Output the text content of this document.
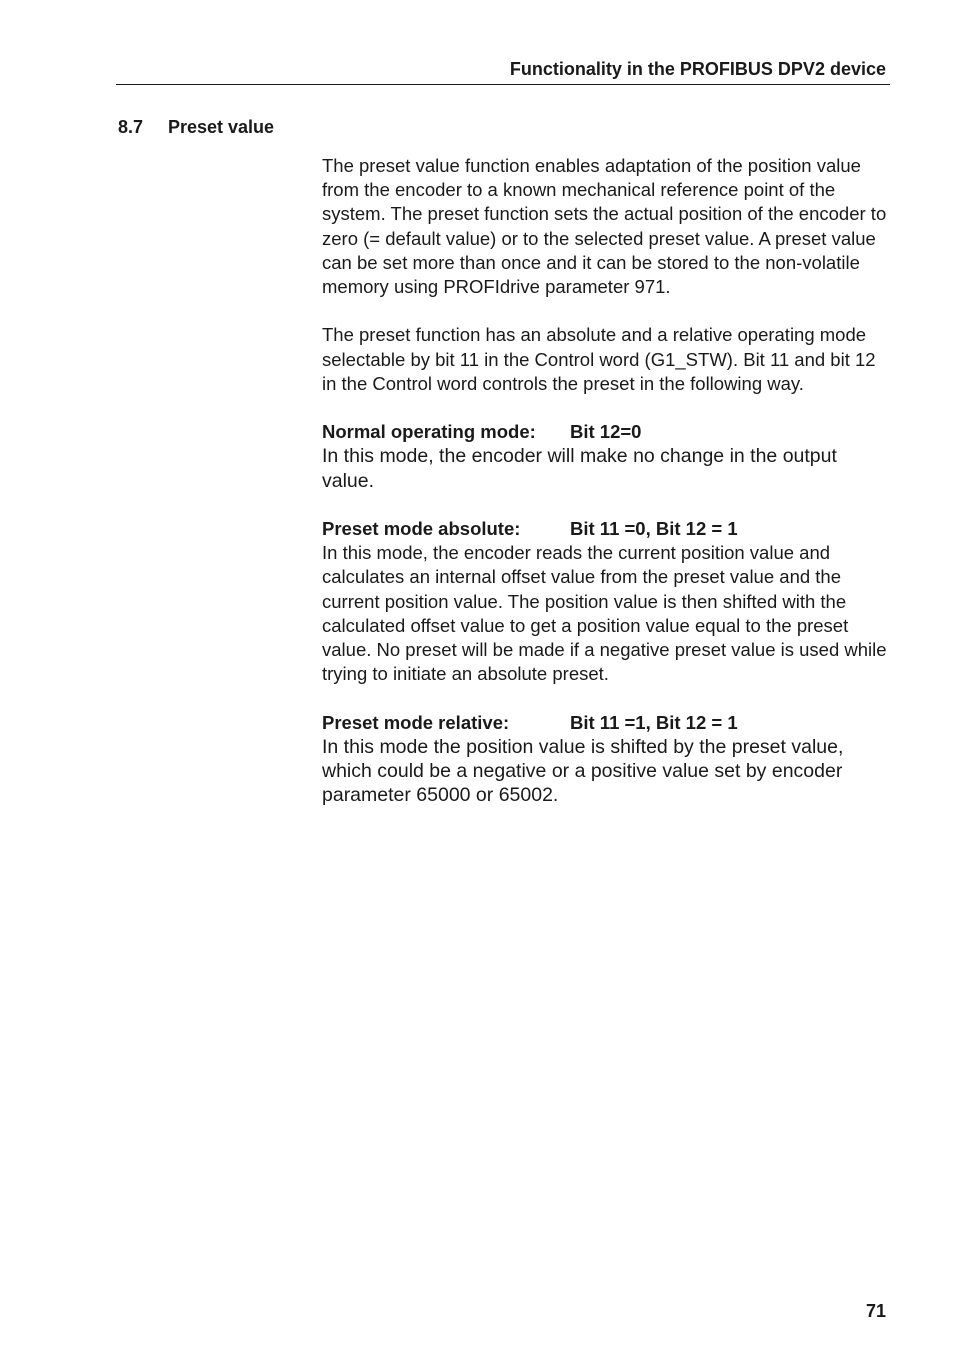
Functionality in the PROFIBUS DPV2 device
8.7 Preset value

The preset value function enables adaptation of the position value from the encoder to a known mechanical reference point of the system. The preset function sets the actual position of the encoder to zero (= default value) or to the selected preset value. A preset value can be set more than once and it can be stored to the non-volatile memory using PROFIdrive parameter 971.

The preset function has an absolute and a relative operating mode selectable by bit 11 in the Control word (G1_STW). Bit 11 and bit 12 in the Control word controls the preset in the following way.

Normal operating mode: Bit 12=0

In this mode, the encoder will make no change in the output value.

Preset mode absolute:	Bit 11 =0, Bit 12 = 1

In this mode, the encoder reads the current position value and calculates an internal offset value from the preset value and the current position value. The position value is then shifted with the calculated offset value to get a position value equal to the preset value. No preset will be made if a negative preset value is used while trying to initiate an absolute preset.

Preset mode relative:	Bit 11 =1, Bit 12 = 1

In this mode the position value is shifted by the preset value, which could be a negative or a positive value set by encoder parameter 65000 or 65002.

71
